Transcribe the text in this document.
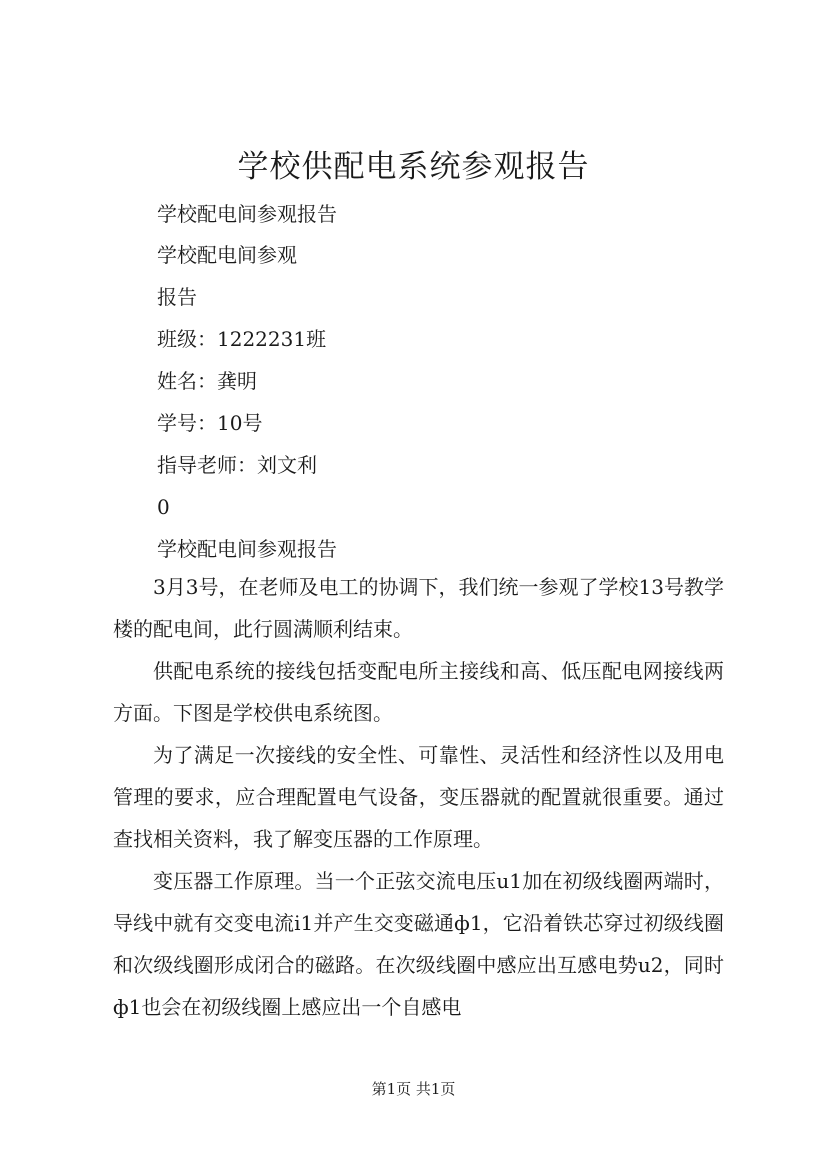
学校供配电系统参观报告
学校配电间参观报告
学校配电间参观
报告
班级：1222231班
姓名：龚明
学号：10号
指导老师：刘文利
0
学校配电间参观报告

3月3号，在老师及电工的协调下，我们统一参观了学校13号教学楼的配电间，此行圆满顺利结束。

供配电系统的接线包括变配电所主接线和高、低压配电网接线两方面。下图是学校供电系统图。

为了满足一次接线的安全性、可靠性、灵活性和经济性以及用电管理的要求，应合理配置电气设备，变压器就的配置就很重要。通过查找相关资料，我了解变压器的工作原理。

变压器工作原理。当一个正弦交流电压u1加在初级线圈两端时，导线中就有交变电流i1并产生交变磁通ф1，它沿着铁芯穿过初级线圈和次级线圈形成闭合的磁路。在次级线圈中感应出互感电势u2，同时ф1也会在初级线圈上感应出一个自感电

第1页 共1页
